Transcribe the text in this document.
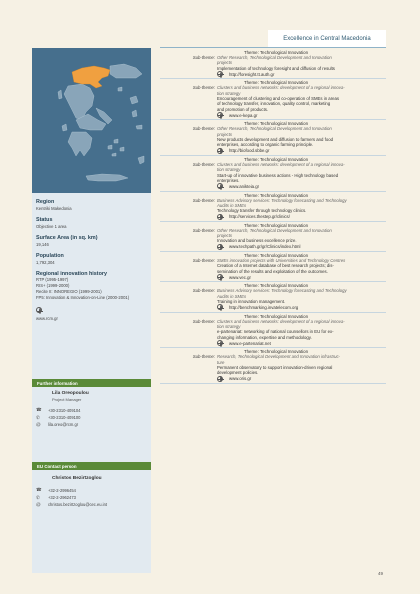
Excellence in Central Macedonia
Region
Kentriki Makedonia
Status
Objective 1 area
Surface Area (in sq. km)
19,146
Population
1,792,304
Regional innovation history
RTP (1995-1997)
RIS+ (1999-2000)
Recite II: INNOREGIO (1999-2001)
FP5: Innovation & Innovation-on-Line (2000-2001)
www.rcm.gr
Further information
Lila Oreopoulou
Project Manager
☎	+30-2310-409104
✆	+30-2310-409100
@	lila.oreo@rcm.gr
EU Contact person
Christos Bezirtzoglou
☎	+32-2-2996454
✆	+32-2-2962473
@	christos.bezirtzoglou@cec.eu.int
Theme: Technological Innovation
Sub-theme: Other Research, Technological Development and Innovation
projects
Implementation of technology foresight and diffusion of results
http://foresight.tt.auth.gr
Theme: Technological Innovation
Sub-theme: Clusters and business networks: development of a regional innova-
tion strategy
Encouragement of clustering and co-operation of SMEs in areas
of technology transfer, innovation, quality control, marketing
and promotion of products.
www.e-kepa.gr
Theme: Technological Innovation
Sub-theme: Other Research, Technological Development and Innovation
projects
New products development and diffusion to farmers and food
enterprises, according to organic farming principle.
http://biofood.sbbe.gr
Theme: Technological Innovation
Sub-theme: Clusters and business networks: development of a regional innova-
tion strategy
Start-up of innovative business actions - High technology based
enterprises.
www.anikteia.gr
Theme: Technological Innovation
Sub-theme: Business Advisory services: Technology forecasting and Technology
Audits in SMEs
Technology transfer through technology clinics.
http://services.thestep.gr/clinics/
Theme: Technological Innovation
Sub-theme: Other Research, Technological Development and Innovation
projects
Innovation and business excellence prize.
www.techpath.gr/gr/Clinics/index.html
Theme: Technological Innovation
Sub-theme: SMEs innovation projects with Universities and Technology Centres
Creation of a Internet database of best research projects; dis-
semination of the results and exploitation of the outcomes.
www.vec.gr
Theme: Technological Innovation
Sub-theme: Business Advisory services: Technology forecasting and Technology
Audits in SMEs
Training in innovation management.
http://benchmarking.invatelecom.org
Theme: Technological Innovation
Sub-theme: Clusters and business networks: development of a regional innova-
tion strategy
e-partenariat: networking of national counsellors in EU for ex-
changing information, expertise and methodology.
www.e-partenariat.net
Theme: Technological Innovation
Sub-theme: Research, Technological Development and Innovation infrastruc-
ture
Permanent observatory to support innovation-driven regional
development policies.
www.oris.gr
49
